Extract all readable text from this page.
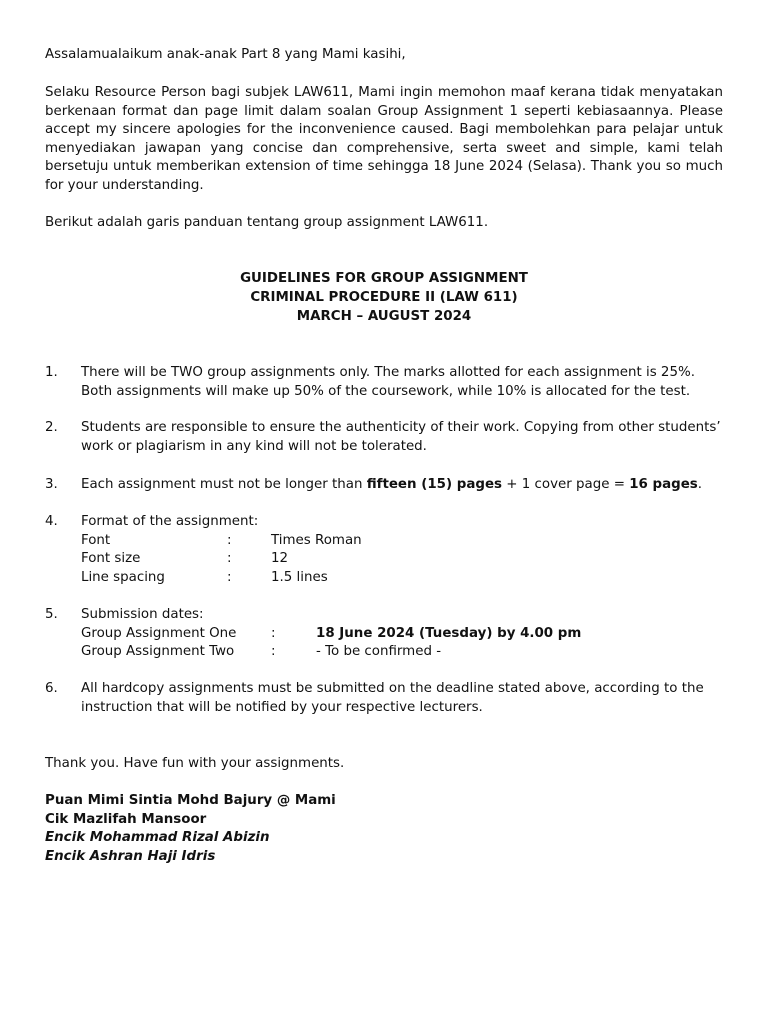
Assalamualaikum anak-anak Part 8 yang Mami kasihi,

Selaku Resource Person bagi subjek LAW611, Mami ingin memohon maaf kerana tidak menyatakan berkenaan format dan page limit dalam soalan Group Assignment 1 seperti kebiasaannya. Please accept my sincere apologies for the inconvenience caused. Bagi membolehkan para pelajar untuk menyediakan jawapan yang concise dan comprehensive, serta sweet and simple, kami telah bersetuju untuk memberikan extension of time sehingga 18 June 2024 (Selasa). Thank you so much for your understanding.

Berikut adalah garis panduan tentang group assignment LAW611.

GUIDELINES FOR GROUP ASSIGNMENT
CRIMINAL PROCEDURE II (LAW 611)
MARCH – AUGUST 2024
1. There will be TWO group assignments only. The marks allotted for each assignment is 25%. Both assignments will make up 50% of the coursework, while 10% is allocated for the test.
2. Students are responsible to ensure the authenticity of their work. Copying from other students’ work or plagiarism in any kind will not be tolerated.
3. Each assignment must not be longer than fifteen (15) pages + 1 cover page = 16 pages.
4. Format of the assignment:
Font	:	Times Roman
Font size	:	12
Line spacing	:	1.5 lines
5. Submission dates:
Group Assignment One	:	18 June 2024 (Tuesday) by 4.00 pm
Group Assignment Two	:	- To be confirmed -
6. All hardcopy assignments must be submitted on the deadline stated above, according to the instruction that will be notified by your respective lecturers.

Thank you. Have fun with your assignments.

Puan Mimi Sintia Mohd Bajury @ Mami
Cik Mazlifah Mansoor
Encik Mohammad Rizal Abizin
Encik Ashran Haji Idris
